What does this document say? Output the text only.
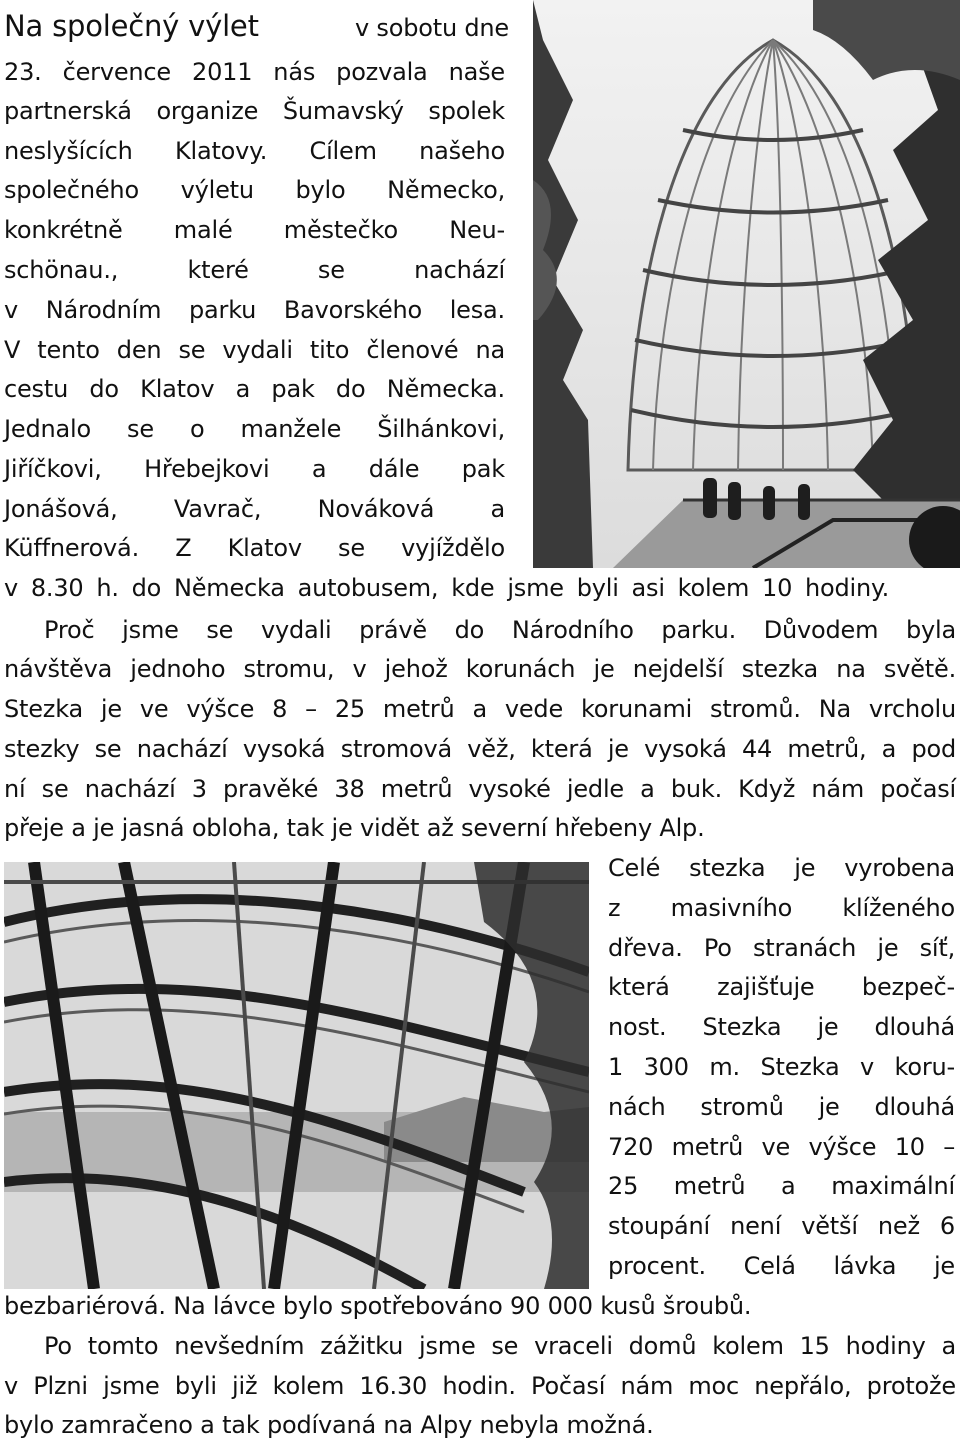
Na společný výlet	v sobotu dne
23. července 2011 nás pozvala naše
partnerská organize Šumavský spolek
neslyšících Klatovy. Cílem našeho
společného výletu bylo Německo,
konkrétně malé městečko Neu-
schönau., které se nachází
v Národním parku Bavorského lesa.
V tento den se vydali tito členové na
cestu do Klatov a pak do Německa.
Jednalo se o manžele Šilhánkovi,
Jiříčkovi, Hřebejkovi a dále pak
Jonášová, Vavrač, Nováková a
Küffnerová. Z Klatov se vyjíždělo
v 8.30 h. do Německa autobusem, kde jsme byli asi kolem 10 hodiny.
Proč jsme se vydali právě do Národního parku. Důvodem byla
návštěva jednoho stromu, v jehož korunách je nejdelší stezka na světě.
Stezka je ve výšce 8 – 25 metrů a vede korunami stromů. Na vrcholu
stezky se nachází vysoká stromová věž, která je vysoká 44 metrů, a pod
ní se nachází 3 pravěké 38 metrů vysoké jedle a buk. Když nám počasí
přeje a je jasná obloha, tak je vidět až severní hřebeny Alp.
Celé stezka je vyrobena
z masivního klíženého
dřeva. Po stranách je síť,
která zajišťuje bezpeč-
nost. Stezka je dlouhá
1 300 m. Stezka v koru-
nách stromů je dlouhá
720 metrů ve výšce 10 –
25 metrů a maximální
stoupání není větší než 6
procent. Celá lávka je
bezbariérová. Na lávce bylo spotřebováno 90 000 kusů šroubů.
Po tomto nevšedním zážitku jsme se vraceli domů kolem 15 hodiny a
v Plzni jsme byli již kolem 16.30 hodin. Počasí nám moc nepřálo, protože
bylo zamračeno a tak podívaná na Alpy nebyla možná.
